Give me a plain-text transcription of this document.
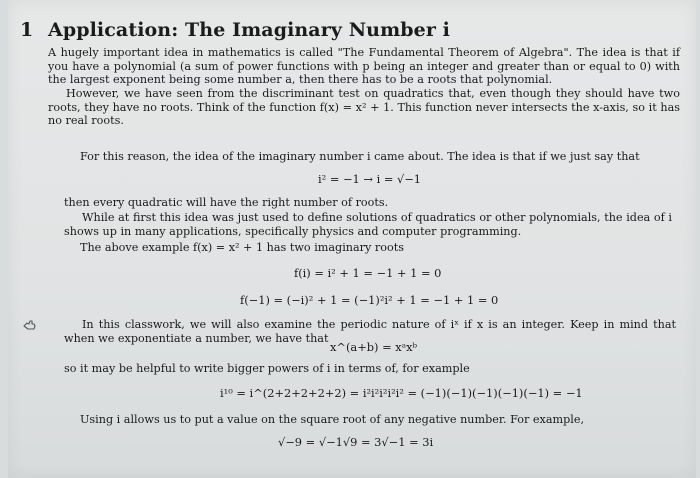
1 Application: The Imaginary Number i
A hugely important idea in mathematics is called "The Fundamental Theorem of Algebra". The idea is that if you have a polynomial (a sum of power functions with p being an integer and greater than or equal to 0) with the largest exponent being some number a, then there has to be a roots that polynomial.
However, we have seen from the discriminant test on quadratics that, even though they should have two roots, they have no roots. Think of the function f(x) = x² + 1. This function never intersects the x-axis, so it has no real roots.
For this reason, the idea of the imaginary number i came about. The idea is that if we just say that
i² = −1 → i = √−1
then every quadratic will have the right number of roots.
While at first this idea was just used to define solutions of quadratics or other polynomials, the idea of i shows up in many applications, specifically physics and computer programming.
The above example f(x) = x² + 1 has two imaginary roots
f(i) = i² + 1 = −1 + 1 = 0
f(−1) = (−i)² + 1 = (−1)²i² + 1 = −1 + 1 = 0
In this classwork, we will also examine the periodic nature of iˣ if x is an integer. Keep in mind that when we exponentiate a number, we have that
x^(a+b) = xᵃxᵇ
so it may be helpful to write bigger powers of i in terms of, for example
i¹⁰ = i^(2+2+2+2+2) = i²i²i²i²i² = (−1)(−1)(−1)(−1)(−1) = −1
Using i allows us to put a value on the square root of any negative number. For example,
√−9 = √−1√9 = 3√−1 = 3i
